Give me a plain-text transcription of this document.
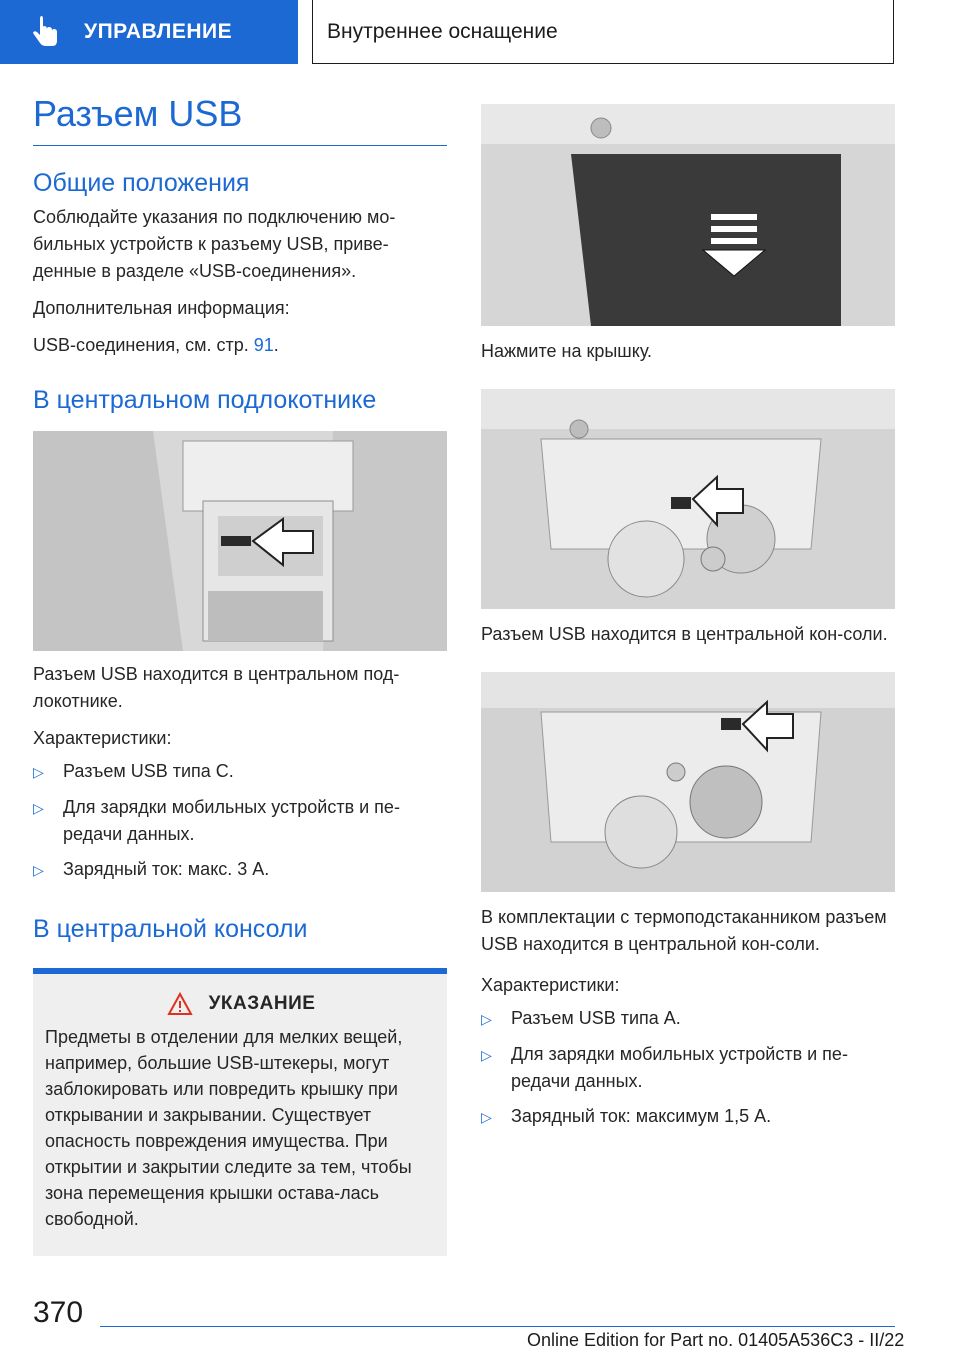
УПРАВЛЕНИЕ	Внутреннее оснащение
Разъем USB
Общие положения

Соблюдайте указания по подключению мо-бильных устройств к разъему USB, приве-денные в разделе «USB-соединения».

Дополнительная информация:

USB-соединения, см. стр. 91.

В центральном подлокотнике

Разъем USB находится в центральном под-локотнике.

Характеристики:

▷	Разъем USB типа C.
▷	Для зарядки мобильных устройств и пе-редачи данных.
▷	Зарядный ток: макс. 3 А.
В центральной консоли
УКАЗАНИЕ

Предметы в отделении для мелких вещей, например, большие USB-штекеры, могут заблокировать или повредить крышку при открывании и закрывании. Существует опасность повреждения имущества. При открытии и закрытии следите за тем, чтобы зона перемещения крышки остава-лась свободной.

Нажмите на крышку.

Разъем USB находится в центральной кон-соли.

В комплектации с термоподстаканником разъем USB находится в центральной кон-соли.

Характеристики:

▷	Разъем USB типа A.
▷	Для зарядки мобильных устройств и пе-редачи данных.
▷	Зарядный ток: максимум 1,5 А.
370
Online Edition for Part no. 01405A536C3 - II/22
